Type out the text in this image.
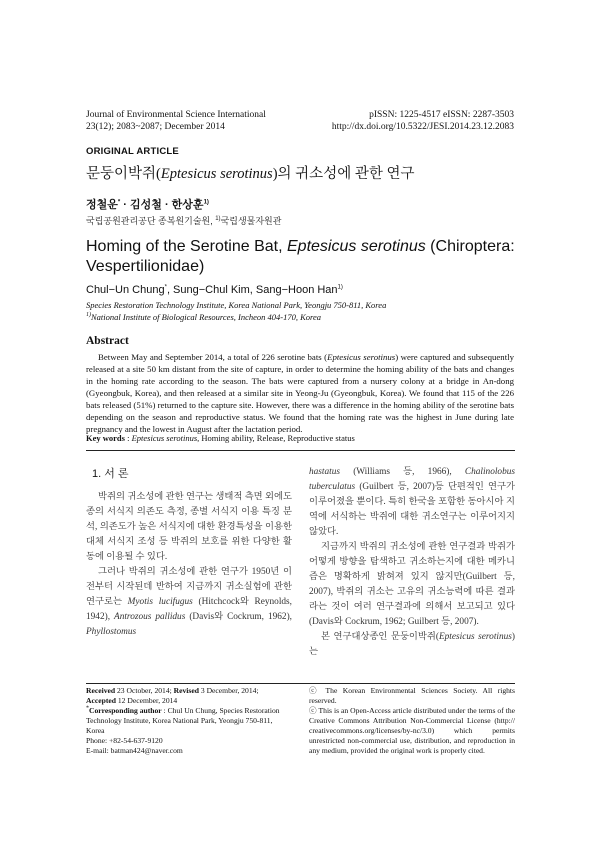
Journal of Environmental Science International
23(12); 2083~2087; December 2014
pISSN: 1225-4517 eISSN: 2287-3503
http://dx.doi.org/10.5322/JESI.2014.23.12.2083
ORIGINAL ARTICLE
문둥이박쥐(Eptesicus serotinus)의 귀소성에 관한 연구
정철운* · 김성철 · 한상훈$^{1)}$
국립공원관리공단 종복원기술원, $^{1)}$국립생물자원관
Homing of the Serotine Bat, Eptesicus serotinus (Chiroptera: Vespertilionidae)
Chul−Un Chung*, Sung−Chul Kim, Sang−Hoon Han$^{1)}$
Species Restoration Technology Institute, Korea National Park, Yeongju 750-811, Korea
$^{1)}$National Institute of Biological Resources, Incheon 404-170, Korea
Abstract
Between May and September 2014, a total of 226 serotine bats (Eptesicus serotinus) were captured and subsequently released at a site 50 km distant from the site of capture, in order to determine the homing ability of the bats and changes in the homing rate according to the season. The bats were captured from a nursery colony at a bridge in An-dong (Gyeongbuk, Korea), and then released at a similar site in Yeong-Ju (Gyeongbuk, Korea). We found that 115 of the 226 bats released (51%) returned to the capture site. However, there was a difference in the homing ability of the serotine bats depending on the season and reproductive status. We found that the homing rate was the highest in June during late pregnancy and the lowest in August after the lactation period.
Key words : Eptesicus serotinus, Homing ability, Release, Reproductive status
1. 서 론

박쥐의 귀소성에 관한 연구는 생태적 측면 외에도 종의 서식지 의존도 측정, 종별 서식지 이용 특징 분석, 의존도가 높은 서식지에 대한 환경특성을 이용한 대체 서식지 조성 등 박쥐의 보호를 위한 다양한 활동에 이용될 수 있다.

그러나 박쥐의 귀소성에 관한 연구가 1950년 이전부터 시작된데 반하여 지금까지 귀소실험에 관한 연구로는 Myotis lucifugus (Hitchcock와 Reynolds, 1942), Antrozous pallidus (Davis와 Cockrum, 1962), Phyllostomus

hastatus (Williams 등, 1966), Chalinolobus tuberculatus (Guilbert 등, 2007)등 단편적인 연구가 이루어졌을 뿐이다. 특히 한국을 포함한 동아시아 지역에 서식하는 박쥐에 대한 귀소연구는 이루어지지 않았다.

지금까지 박쥐의 귀소성에 관한 연구결과 박쥐가 어떻게 방향을 탐색하고 귀소하는지에 대한 메카니즘은 명확하게 밝혀져 있지 않지만(Guilbert 등, 2007), 박쥐의 귀소는 고유의 귀소능력에 따른 결과라는 것이 여러 연구결과에 의해서 보고되고 있다(Davis와 Cockrum, 1962; Guilbert 등, 2007).

본 연구대상종인 문둥이박쥐(Eptesicus serotinus)는

Received 23 October, 2014; Revised 3 December, 2014;
Accepted 12 December, 2014
*Corresponding author : Chul Un Chung, Species Restoration Technology Institute, Korea National Park, Yeongju 750-811, Korea
Phone: +82-54-637-9120
E-mail: batman424@naver.com
ⓒ The Korean Environmental Sciences Society. All rights reserved.
ⓒ This is an Open-Access article distributed under the terms of the Creative Commons Attribution Non-Commercial License (http:// creativecommons.org/licenses/by-nc/3.0) which permits unrestricted non-commercial use, distribution, and reproduction in any medium, provided the original work is properly cited.
